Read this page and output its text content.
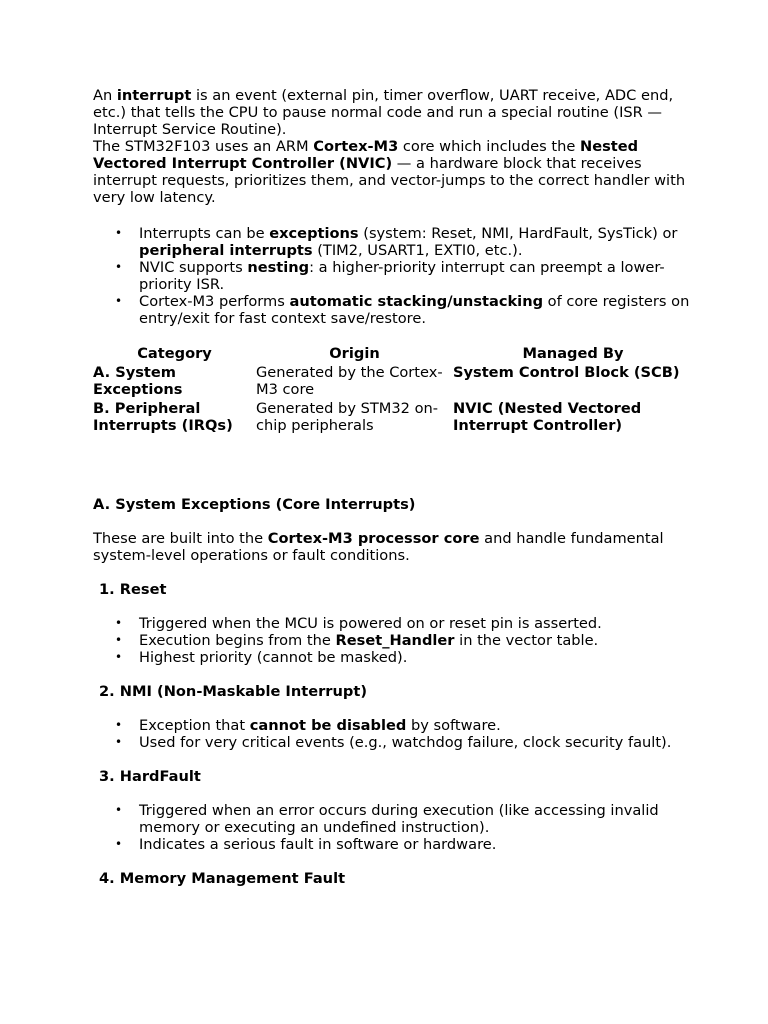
An interrupt is an event (external pin, timer overflow, UART receive, ADC end, etc.) that tells the CPU to pause normal code and run a special routine (ISR — Interrupt Service Routine).

The STM32F103 uses an ARM Cortex-M3 core which includes the Nested Vectored Interrupt Controller (NVIC) — a hardware block that receives interrupt requests, prioritizes them, and vector-jumps to the correct handler with very low latency.

• Interrupts can be exceptions (system: Reset, NMI, HardFault, SysTick) or peripheral interrupts (TIM2, USART1, EXTI0, etc.).
• NVIC supports nesting: a higher-priority interrupt can preempt a lower-priority ISR.
• Cortex-M3 performs automatic stacking/unstacking of core registers on entry/exit for fast context save/restore.
Category	Origin	Managed By
A. System Exceptions	Generated by the Cortex-M3 core	System Control Block (SCB)
B. Peripheral Interrupts (IRQs)	Generated by STM32 on-chip peripherals	NVIC (Nested Vectored Interrupt Controller)

A. System Exceptions (Core Interrupts)

These are built into the Cortex-M3 processor core and handle fundamental system-level operations or fault conditions.

1. Reset

• Triggered when the MCU is powered on or reset pin is asserted.
• Execution begins from the Reset_Handler in the vector table.
• Highest priority (cannot be masked).

2. NMI (Non-Maskable Interrupt)

• Exception that cannot be disabled by software.
• Used for very critical events (e.g., watchdog failure, clock security fault).

3. HardFault

• Triggered when an error occurs during execution (like accessing invalid memory or executing an undefined instruction).
• Indicates a serious fault in software or hardware.

4. Memory Management Fault
